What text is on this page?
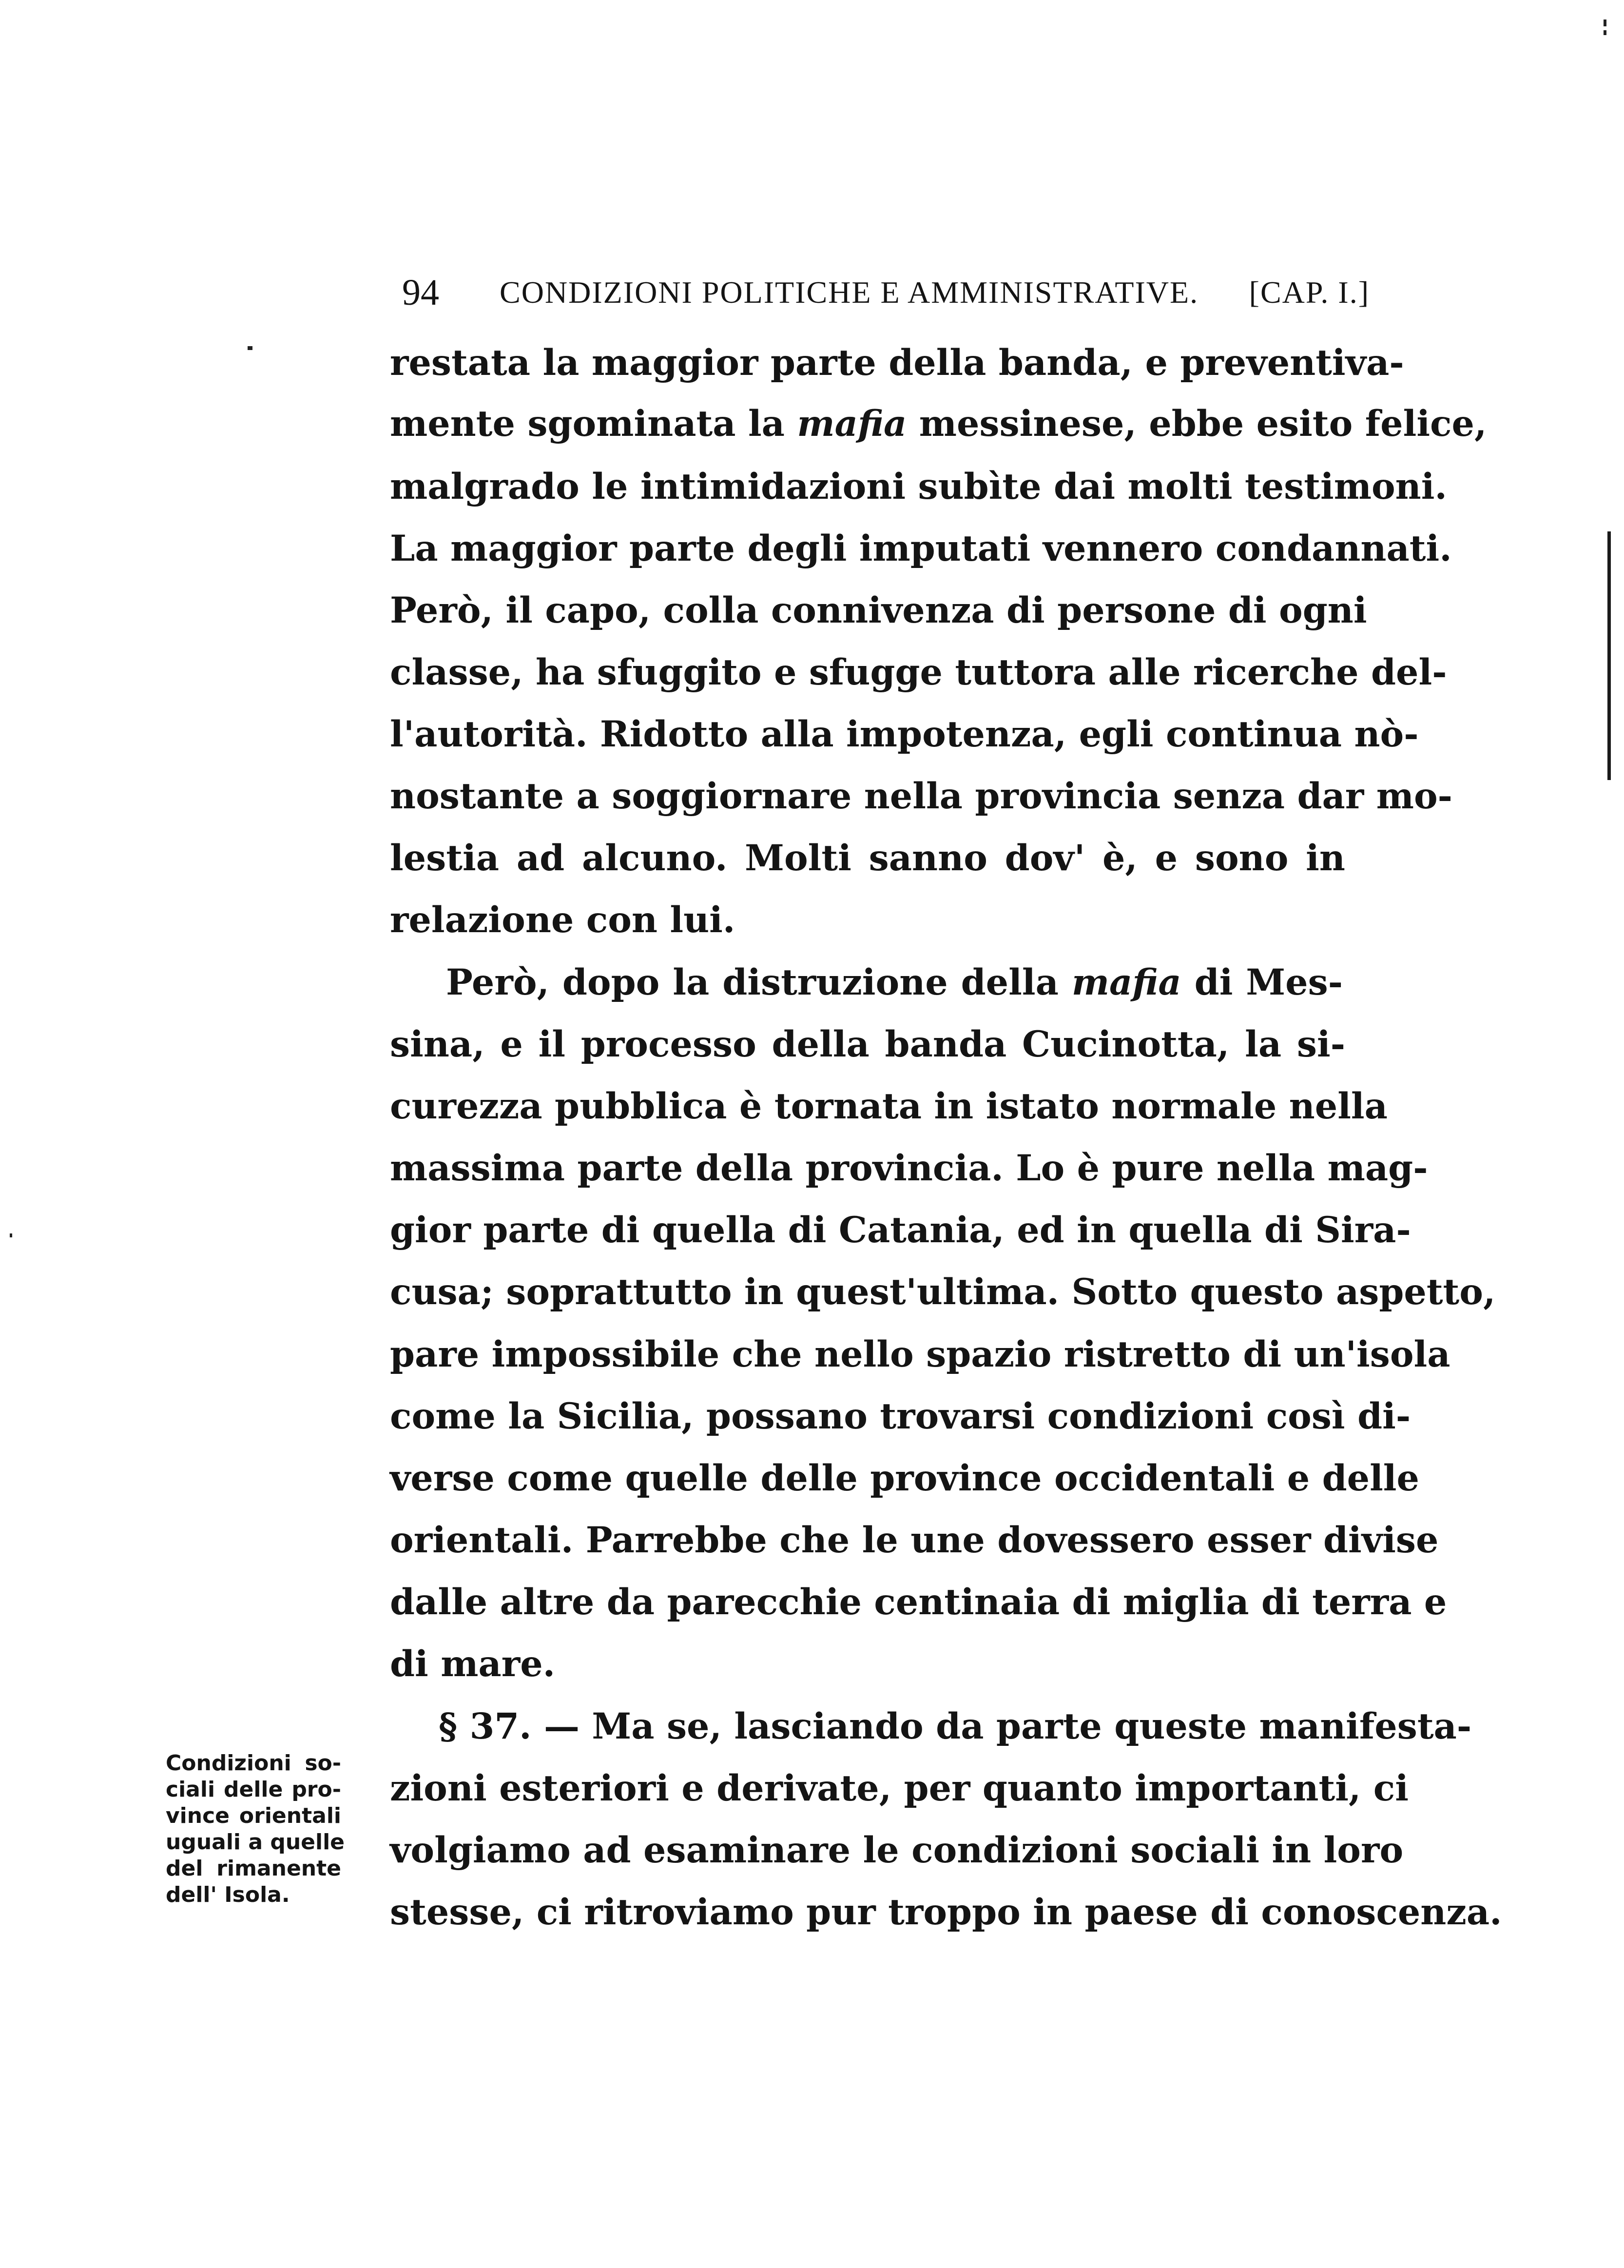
94 CONDIZIONI POLITICHE E AMMINISTRATIVE. [CAP. I.]
restata la maggior parte della banda, e preventiva-
mente sgominata la mafia messinese, ebbe esito felice,
malgrado le intimidazioni subìte dai molti testimoni.
La maggior parte degli imputati vennero condannati.
Però, il capo, colla connivenza di persone di ogni
classe, ha sfuggito e sfugge tuttora alle ricerche del-
l'autorità. Ridotto alla impotenza, egli continua nò-
nostante a soggiornare nella provincia senza dar mo-
lestia ad alcuno. Molti sanno dov' è, e sono in
relazione con lui.
Però, dopo la distruzione della mafia di Mes-
sina, e il processo della banda Cucinotta, la si-
curezza pubblica è tornata in istato normale nella
massima parte della provincia. Lo è pure nella mag-
gior parte di quella di Catania, ed in quella di Sira-
cusa; soprattutto in quest'ultima. Sotto questo aspetto,
pare impossibile che nello spazio ristretto di un'isola
come la Sicilia, possano trovarsi condizioni così di-
verse come quelle delle province occidentali e delle
orientali. Parrebbe che le une dovessero esser divise
dalle altre da parecchie centinaia di miglia di terra e
di mare.
§ 37. — Ma se, lasciando da parte queste manifesta-
zioni esteriori e derivate, per quanto importanti, ci
volgiamo ad esaminare le condizioni sociali in loro
stesse, ci ritroviamo pur troppo in paese di conoscenza.
Condizioni so-
ciali delle pro-
vince orientali
uguali a quelle
del rimanente
dell' Isola.
